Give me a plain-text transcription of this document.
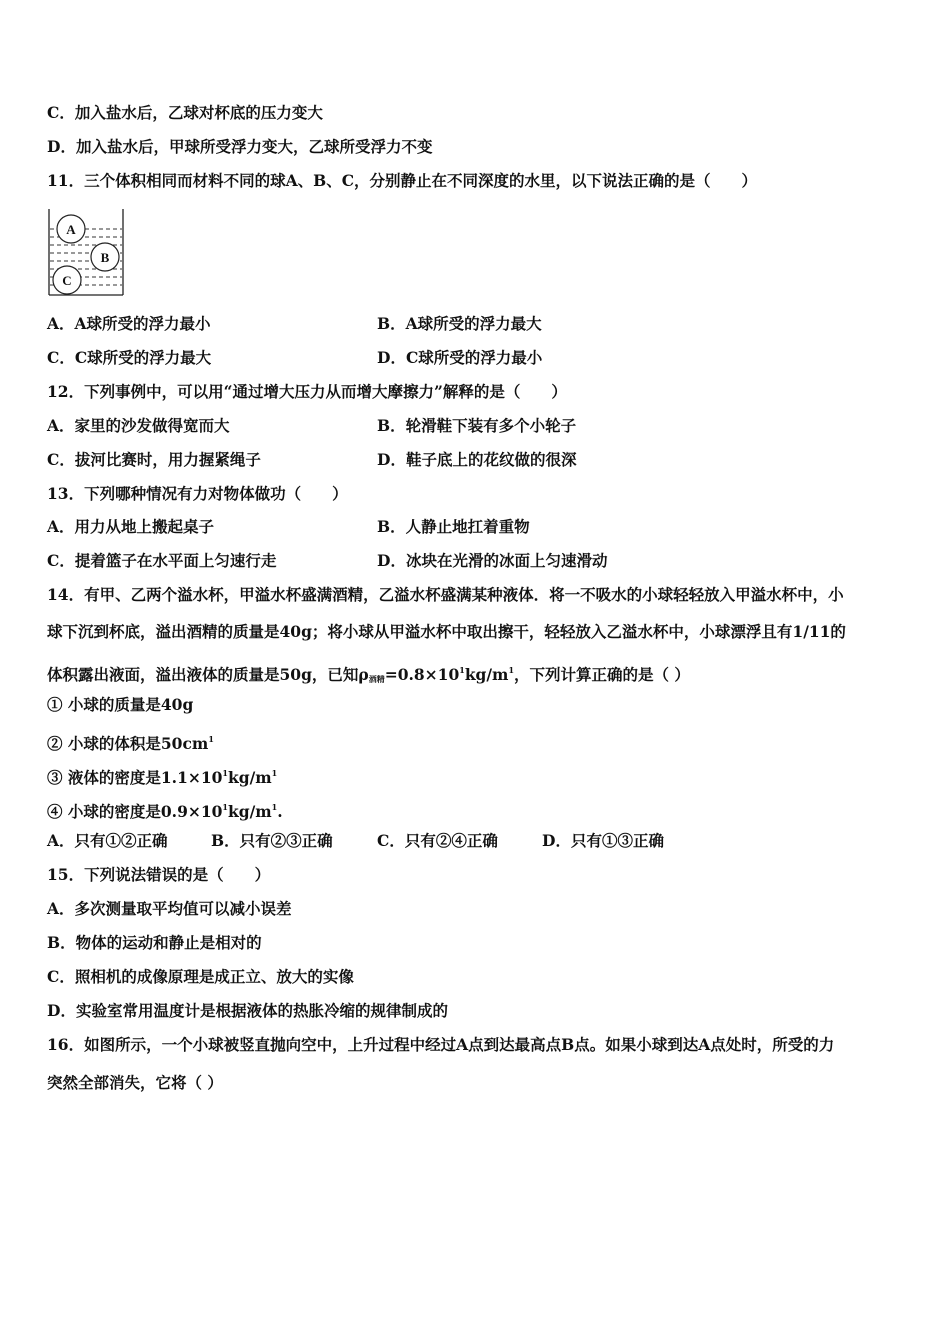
C．加入盐水后，乙球对杯底的压力变大
D．加入盐水后，甲球所受浮力变大，乙球所受浮力不变
11．三个体积相同而材料不同的球A、B、C，分别静止在不同深度的水里，以下说法正确的是（　　）
A
B
C
A．A球所受的浮力最小	B．A球所受的浮力最大
C．C球所受的浮力最大	D．C球所受的浮力最小
12．下列事例中，可以用“通过增大压力从而增大摩擦力”解释的是（　　）
A．家里的沙发做得宽而大	B．轮滑鞋下装有多个小轮子
C．拔河比赛时，用力握紧绳子	D．鞋子底上的花纹做的很深
13．下列哪种情况有力对物体做功（　　）
A．用力从地上搬起桌子	B．人静止地扛着重物
C．提着篮子在水平面上匀速行走	D．冰块在光滑的冰面上匀速滑动
14．有甲、乙两个溢水杯，甲溢水杯盛满酒精，乙溢水杯盛满某种液体．将一不吸水的小球轻轻放入甲溢水杯中，小
球下沉到杯底，溢出酒精的质量是40g；将小球从甲溢水杯中取出擦干，轻轻放入乙溢水杯中，小球漂浮且有1/11的
体积露出液面，溢出液体的质量是50g，已知$\rho_{酒精}=0.8\times 10^1kg/m^1$，下列计算正确的是（ ）
① 小球的质量是40g
② 小球的体积是$50cm^1$
③ 液体的密度是$1.1\times 10^1kg/m^1$
④ 小球的密度是$0.9\times 10^1kg/m^1$.
A．只有①②正确	B．只有②③正确	C．只有②④正确	D．只有①③正确
15．下列说法错误的是（　　）
A．多次测量取平均值可以减小误差
B．物体的运动和静止是相对的
C．照相机的成像原理是成正立、放大的实像
D．实验室常用温度计是根据液体的热胀冷缩的规律制成的
16．如图所示，一个小球被竖直抛向空中，上升过程中经过A点到达最高点B点。如果小球到达A点处时，所受的力
突然全部消失，它将（ ）
